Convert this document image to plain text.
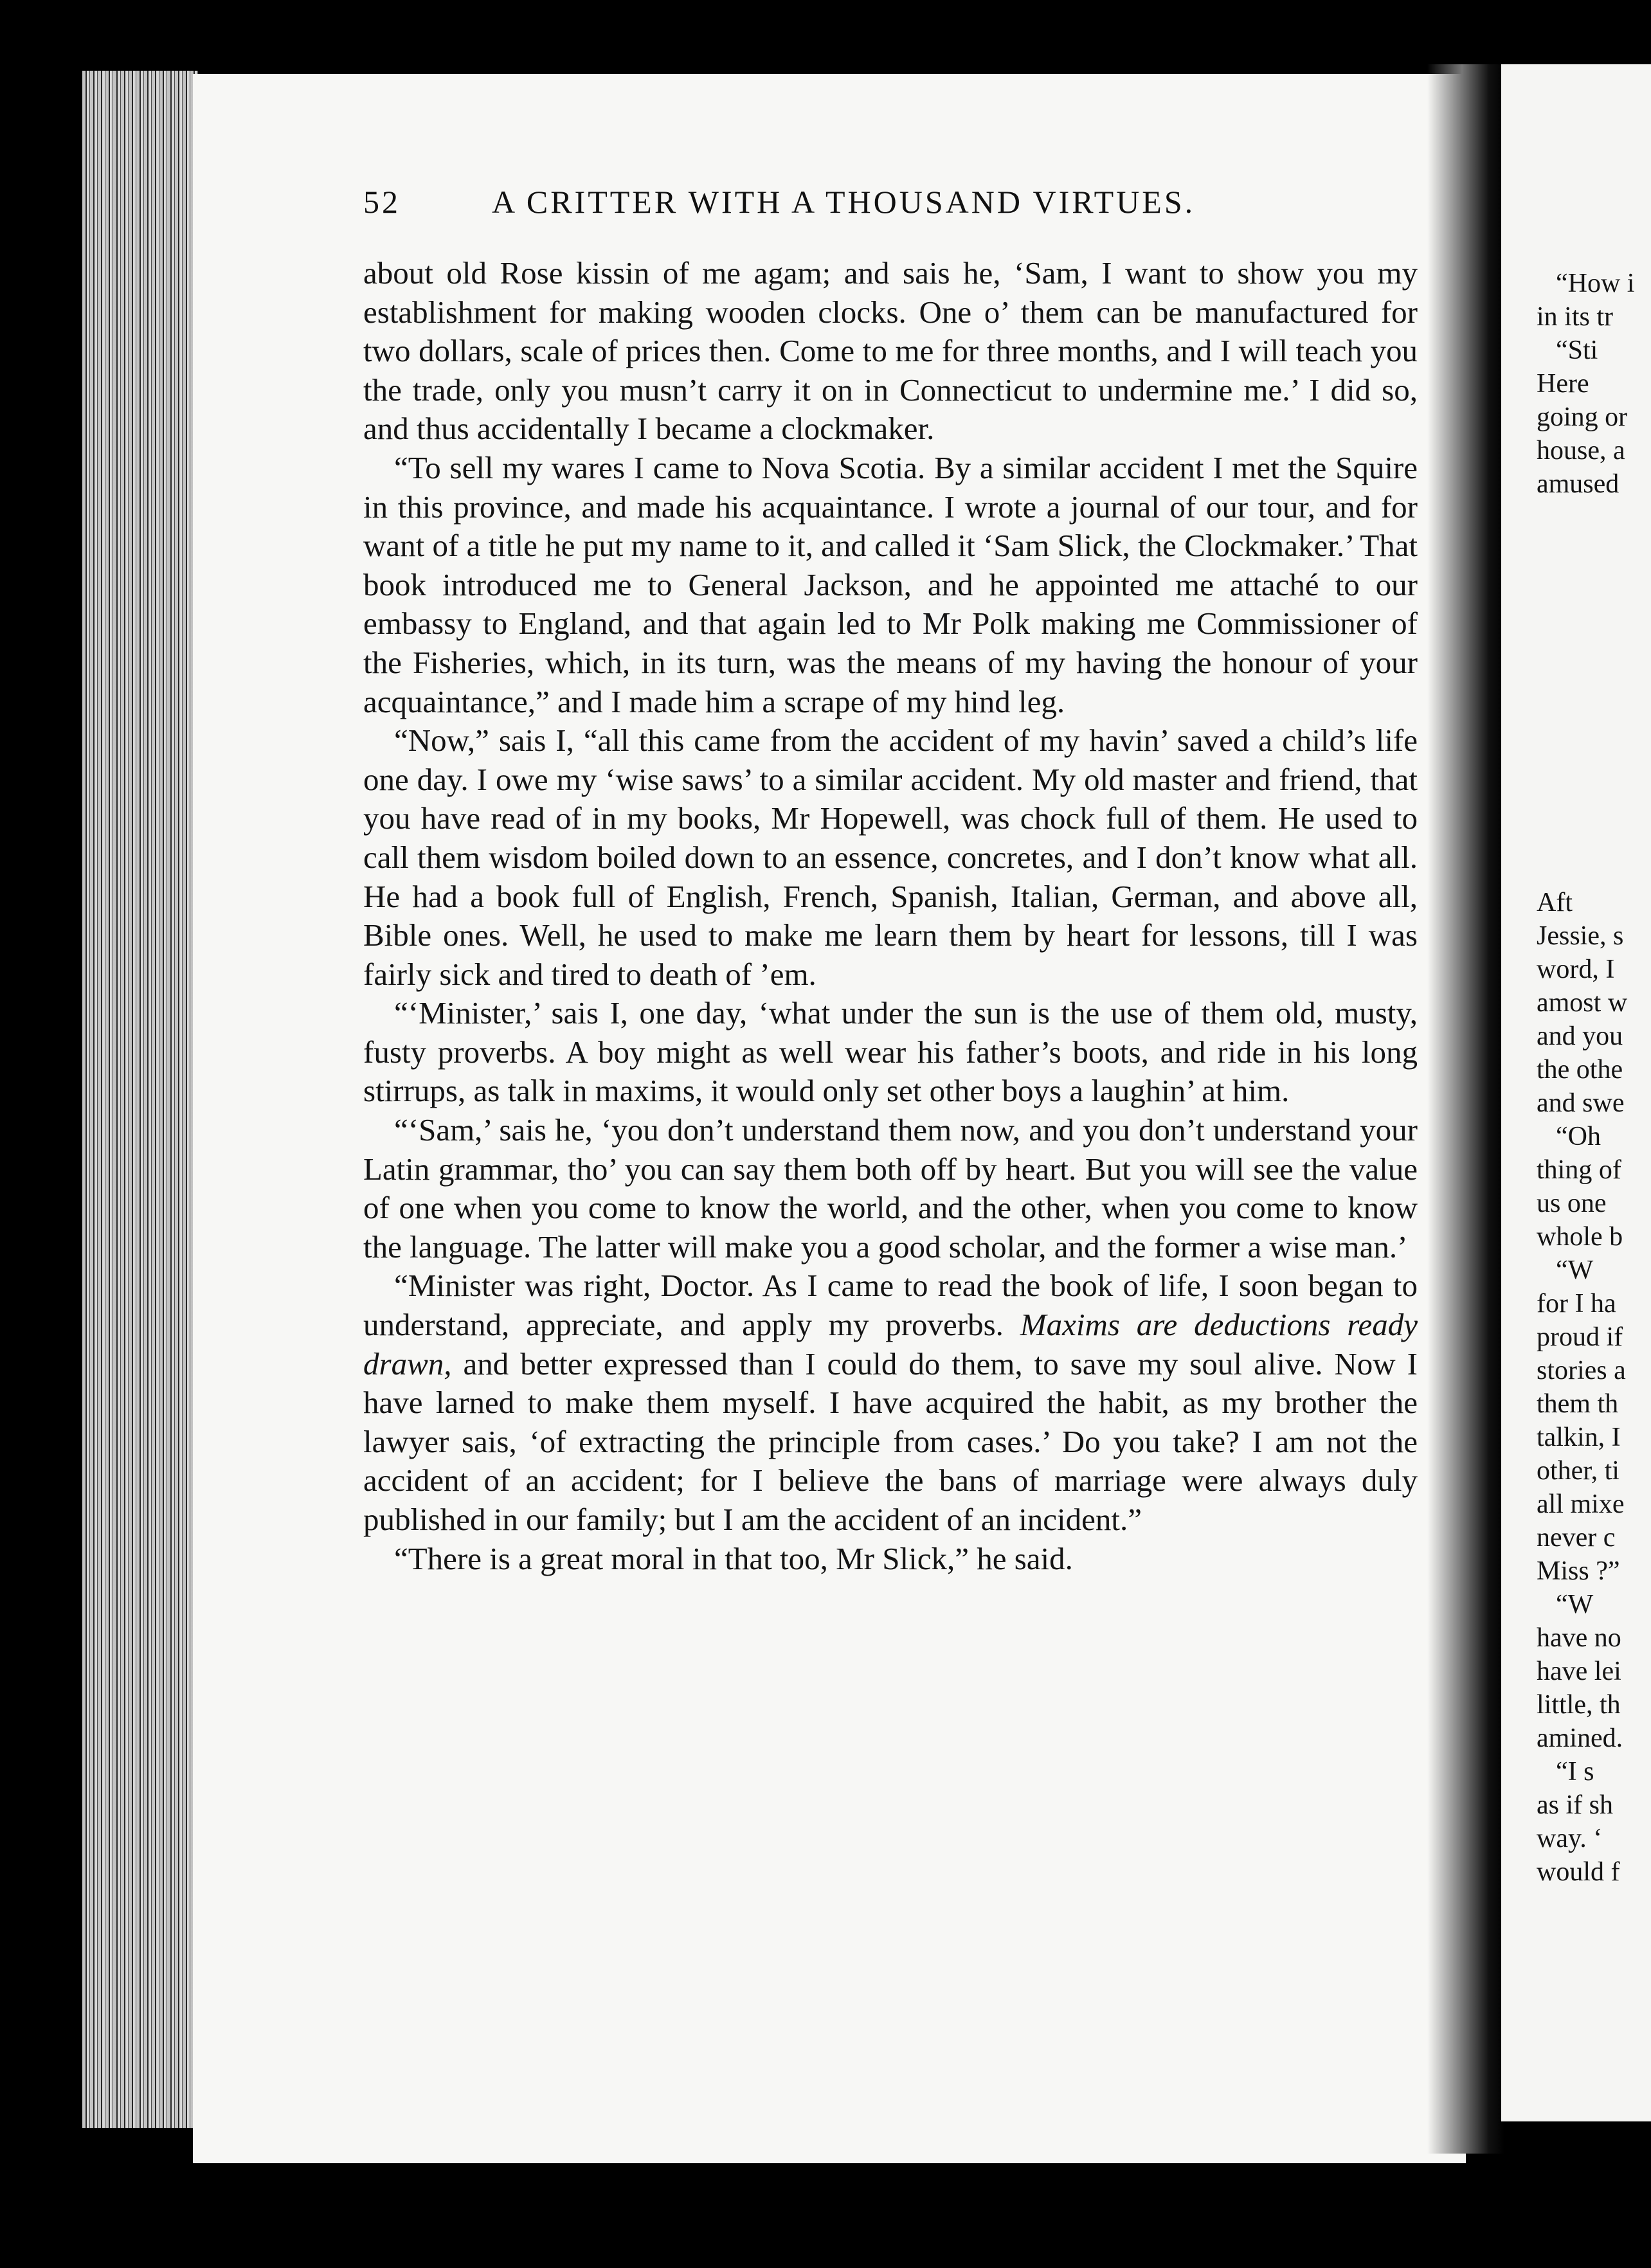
52	A CRITTER WITH A THOUSAND VIRTUES.

about old Rose kissin of me agam; and sais he, ‘Sam, I want to show you my establishment for making wooden clocks. One o’ them can be manufactured for two dollars, scale of prices then. Come to me for three months, and I will teach you the trade, only you musn’t carry it on in Connecticut to undermine me.’ I did so, and thus accidentally I became a clockmaker.

“To sell my wares I came to Nova Scotia. By a similar accident I met the Squire in this province, and made his acquaintance. I wrote a journal of our tour, and for want of a title he put my name to it, and called it ‘Sam Slick, the Clockmaker.’ That book introduced me to General Jackson, and he appointed me attaché to our embassy to England, and that again led to Mr Polk making me Commissioner of the Fisheries, which, in its turn, was the means of my having the honour of your acquaintance,” and I made him a scrape of my hind leg.

“Now,” sais I, “all this came from the accident of my havin’ saved a child’s life one day. I owe my ‘wise saws’ to a similar accident. My old master and friend, that you have read of in my books, Mr Hopewell, was chock full of them. He used to call them wisdom boiled down to an essence, concretes, and I don’t know what all. He had a book full of English, French, Spanish, Italian, German, and above all, Bible ones. Well, he used to make me learn them by heart for lessons, till I was fairly sick and tired to death of ’em.

“‘Minister,’ sais I, one day, ‘what under the sun is the use of them old, musty, fusty proverbs. A boy might as well wear his father’s boots, and ride in his long stirrups, as talk in maxims, it would only set other boys a laughin’ at him.

“‘Sam,’ sais he, ‘you don’t understand them now, and you don’t understand your Latin grammar, tho’ you can say them both off by heart. But you will see the value of one when you come to know the world, and the other, when you come to know the language. The latter will make you a good scholar, and the former a wise man.’

“Minister was right, Doctor. As I came to read the book of life, I soon began to understand, appreciate, and apply my proverbs. Maxims are deductions ready drawn, and better expressed than I could do them, to save my soul alive. Now I have larned to make them myself. I have acquired the habit, as my brother the lawyer sais, ‘of extracting the principle from cases.’ Do you take? I am not the accident of an accident; for I believe the bans of marriage were always duly published in our family; but I am the accident of an incident.”

“There is a great moral in that too, Mr Slick,” he said.

“How i
in its tr
“Sti
Here
going or
house, a
amused
Aft
Jessie, s
word, I
amost w
and you
the othe
and swe
“Oh
thing of
us one
whole b
“W
for I ha
proud if
stories a
them th
talkin, I
other, ti
all mixe
never c
Miss ?”
“W
have no
have lei
little, th
amined.
“I s
as if sh
way. ‘
would f
